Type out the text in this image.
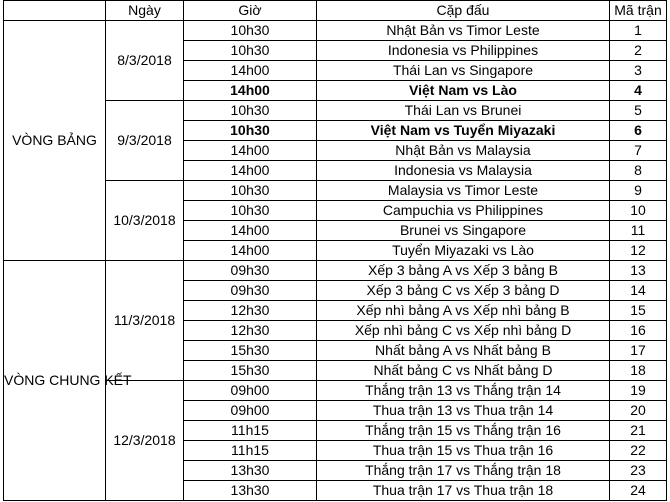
	Ngày	Giờ	Cặp đấu	Mã trận
VÒNG BẢNG	8/3/2018	10h30	Nhật Bản vs Timor Leste	1
		10h30	Indonesia vs Philippines	2
		14h00	Thái Lan vs Singapore	3
		14h00	Việt Nam vs Lào	4
	9/3/2018	10h30	Thái Lan vs Brunei	5
		10h30	Việt Nam vs Tuyển Miyazaki	6
		14h00	Nhật Bản vs Malaysia	7
		14h00	Indonesia vs Malaysia	8
	10/3/2018	10h30	Malaysia vs Timor Leste	9
		10h30	Campuchia vs Philippines	10
		14h00	Brunei vs Singapore	11
		14h00	Tuyển Miyazaki vs Lào	12
VÒNG CHUNG KẾT	11/3/2018	09h30	Xếp 3 bảng A vs Xếp 3 bảng B	13
		09h30	Xếp 3 bảng C vs Xếp 3 bảng D	14
		12h30	Xếp nhì bảng A vs Xếp nhì bảng B	15
		12h30	Xếp nhì bảng C vs Xếp nhì bảng D	16
		15h30	Nhất bảng A vs Nhất bảng B	17
		15h30	Nhất bảng C vs Nhất bảng D	18
	12/3/2018	09h00	Thắng trận 13 vs Thắng trận 14	19
		09h00	Thua trận 13 vs Thua trận 14	20
		11h15	Thắng trận 15 vs Thắng trận 16	21
		11h15	Thua trận 15 vs Thua trận 16	22
		13h30	Thắng trận 17 vs Thắng trận 18	23
		13h30	Thua trận 17 vs Thua trận 18	24
